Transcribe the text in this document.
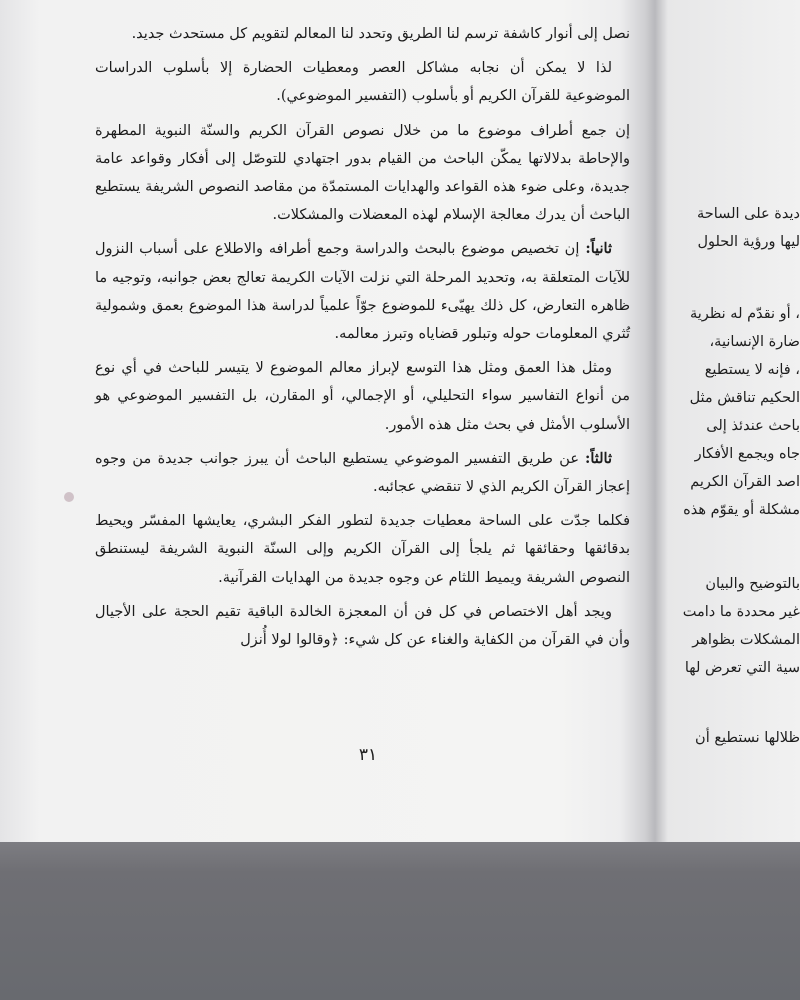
نصل إلى أنوار كاشفة ترسم لنا الطريق وتحدد لنا المعالم لتقويم كل مستحدث جديد.

لذا لا يمكن أن نجابه مشاكل العصر ومعطيات الحضارة إلا بأسلوب الدراسات الموضوعية للقرآن الكريم أو بأسلوب (التفسير الموضوعي).

إن جمع أطراف موضوع ما من خلال نصوص القرآن الكريم والسنّة النبوية المطهرة والإحاطة بدلالاتها يمكّن الباحث من القيام بدور اجتهادي للتوصّل إلى أفكار وقواعد عامة جديدة، وعلى ضوء هذه القواعد والهدايات المستمدّة من مقاصد النصوص الشريفة يستطيع الباحث أن يدرك معالجة الإسلام لهذه المعضلات والمشكلات.

ثانياً:إن تخصيص موضوع بالبحث والدراسة وجمع أطرافه والاطلاع على أسباب النزول للآيات المتعلقة به، وتحديد المرحلة التي نزلت الآيات الكريمة تعالج بعض جوانبه، وتوجيه ما ظاهره التعارض، كل ذلك يهيّىء للموضوع جوّاً علمياً لدراسة هذا الموضوع بعمق وشمولية تُثري المعلومات حوله وتبلور قضاياه وتبرز معالمه.

ومثل هذا العمق ومثل هذا التوسع لإبراز معالم الموضوع لا يتيسر للباحث في أي نوع من أنواع التفاسير سواء التحليلي، أو الإجمالي، أو المقارن، بل التفسير الموضوعي هو الأسلوب الأمثل في بحث مثل هذه الأمور.

ثالثاً:عن طريق التفسير الموضوعي يستطيع الباحث أن يبرز جوانب جديدة من وجوه إعجاز القرآن الكريم الذي لا تنقضي عجائبه.

فكلما جدّت على الساحة معطيات جديدة لتطور الفكر البشري، يعايشها المفسّر ويحيط بدقائقها وحقائقها ثم يلجأ إلى القرآن الكريم وإلى السنّة النبوية الشريفة ليستنطق النصوص الشريفة ويميط اللثام عن وجوه جديدة من الهدايات القرآنية.

ويجد أهل الاختصاص في كل فن أن المعجزة الخالدة الباقية تقيم الحجة على الأجيال وأن في القرآن من الكفاية والغناء عن كل شيء: ﴿وقالوا لولا أُنزل

٣١
ديدة على الساحة
ليها ورؤية الحلول
، أو نقدّم له نظرية
ضارة الإنسانية،
، فإنه لا يستطيع
الحكيم تناقش مثل
باحث عندئذ إلى
جاه ويجمع الأفكار
اصد القرآن الكريم
مشكلة أو يقوّم هذه
بالتوضيح والبيان
غير محددة ما دامت
المشكلات بظواهر
سية التي تعرض لها
ظلالها نستطيع أن
